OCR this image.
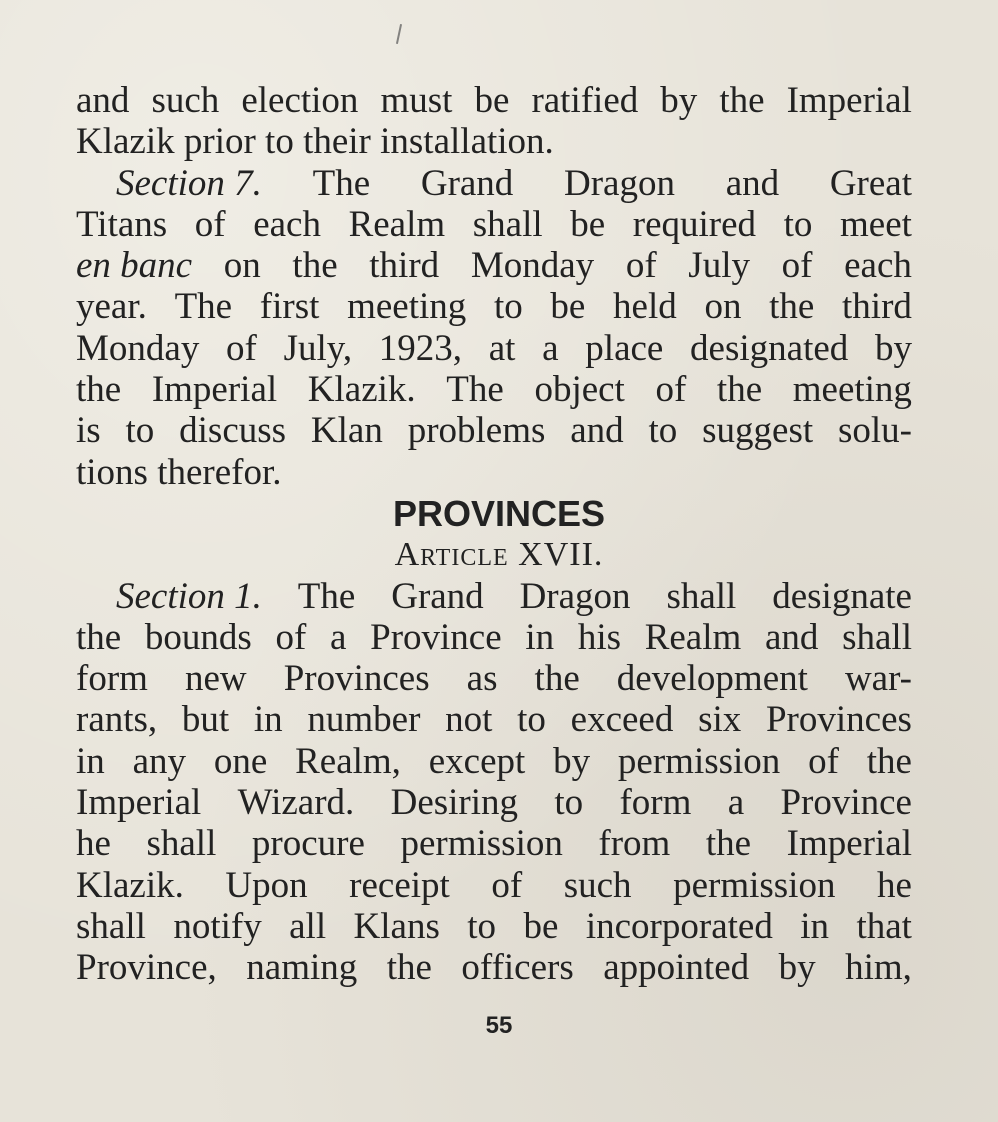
and such election must be ratified by the Imperial
Klazik prior to their installation.
Section 7. The Grand Dragon and Great
Titans of each Realm shall be required to meet
en banc on the third Monday of July of each
year. The first meeting to be held on the third
Monday of July, 1923, at a place designated by
the Imperial Klazik. The object of the meeting
is to discuss Klan problems and to suggest solu-
tions therefor.
PROVINCES
Article XVII.
Section 1. The Grand Dragon shall designate
the bounds of a Province in his Realm and shall
form new Provinces as the development war-
rants, but in number not to exceed six Provinces
in any one Realm, except by permission of the
Imperial Wizard. Desiring to form a Province
he shall procure permission from the Imperial
Klazik. Upon receipt of such permission he
shall notify all Klans to be incorporated in that
Province, naming the officers appointed by him,
55
